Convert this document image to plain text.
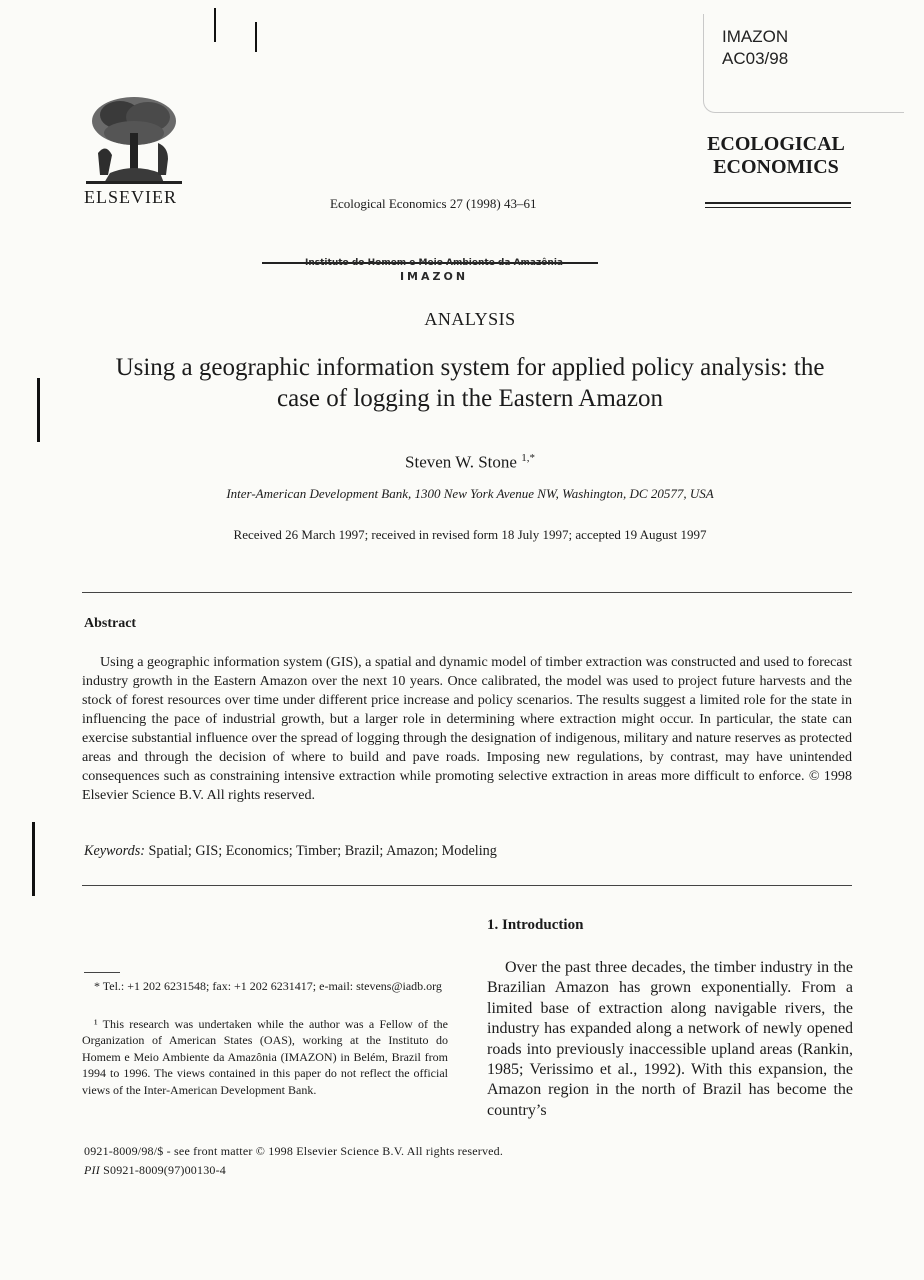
IMAZON
AC03/98
ELSEVIER	Ecological Economics 27 (1998) 43–61
ECOLOGICAL
ECONOMICS
Instituto do Homem e Meio Ambiente da Amazônia
IMAZON
ANALYSIS
Using a geographic information system for applied policy analysis: the case of logging in the Eastern Amazon
Steven W. Stone $^{1,*}$
Inter-American Development Bank, 1300 New York Avenue NW, Washington, DC 20577, USA
Received 26 March 1997; received in revised form 18 July 1997; accepted 19 August 1997
Abstract
Using a geographic information system (GIS), a spatial and dynamic model of timber extraction was constructed and used to forecast industry growth in the Eastern Amazon over the next 10 years. Once calibrated, the model was used to project future harvests and the stock of forest resources over time under different price increase and policy scenarios. The results suggest a limited role for the state in influencing the pace of industrial growth, but a larger role in determining where extraction might occur. In particular, the state can exercise substantial influence over the spread of logging through the designation of indigenous, military and nature reserves as protected areas and through the decision of where to build and pave roads. Imposing new regulations, by contrast, may have unintended consequences such as constraining intensive extraction while promoting selective extraction in areas more difficult to enforce. © 1998 Elsevier Science B.V. All rights reserved.
Keywords: Spatial; GIS; Economics; Timber; Brazil; Amazon; Modeling
1. Introduction
Over the past three decades, the timber industry in the Brazilian Amazon has grown exponentially. From a limited base of extraction along navigable rivers, the industry has expanded along a network of newly opened roads into previously inaccessible upland areas (Rankin, 1985; Verissimo et al., 1992). With this expansion, the Amazon region in the north of Brazil has become the country’s
* Tel.: +1 202 6231548; fax: +1 202 6231417; e-mail: stevens@iadb.org
¹ This research was undertaken while the author was a Fellow of the Organization of American States (OAS), working at the Instituto do Homem e Meio Ambiente da Amazônia (IMAZON) in Belém, Brazil from 1994 to 1996. The views contained in this paper do not reflect the official views of the Inter-American Development Bank.
0921-8009/98/$ - see front matter © 1998 Elsevier Science B.V. All rights reserved.
PII S0921-8009(97)00130-4
